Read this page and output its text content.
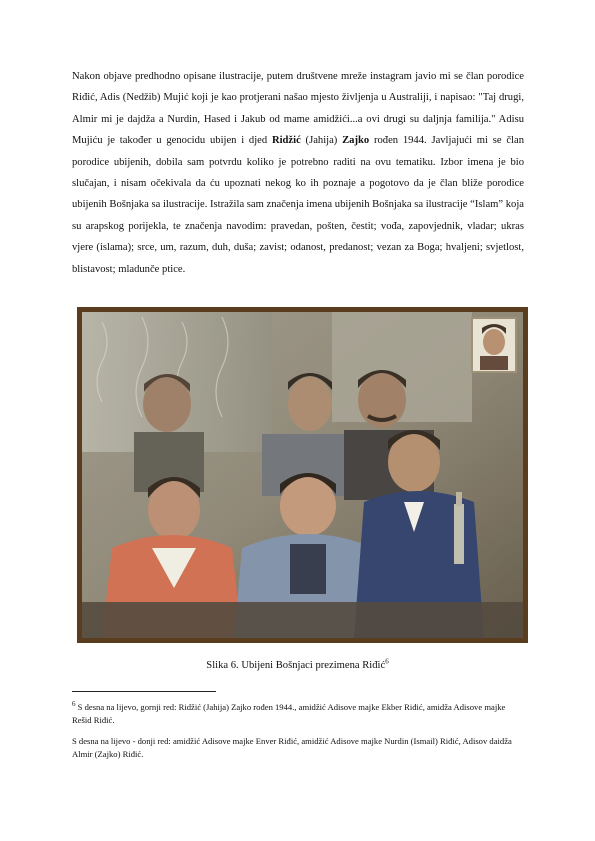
Nakon objave predhodno opisane ilustracije, putem društvene mreže instagram javio mi se član porodice Riđić, Adis (Nedžib) Mujić koji je kao protjerani našao mjesto življenja u Australiji, i napisao: "Taj drugi, Almir mi je dajdža a Nurdin, Hased i Jakub od mame amidžići...a ovi drugi su daljnja familija." Adisu Mujiću je također u genocidu ubijen i djed Ridžić (Jahija) Zajko rođen 1944. Javljajući mi se član porodice ubijenih, dobila sam potvrdu koliko je potrebno raditi na ovu tematiku. Izbor imena je bio slučajan, i nisam očekivala da ću upoznati nekog ko ih poznaje a pogotovo da je član bliže porodice ubijenih Bošnjaka sa ilustracije. Istražila sam značenja imena ubijenih Bošnjaka sa ilustracije “Islam” koja su arapskog porijekla, te značenja navodim: pravedan, pošten, čestit; vođa, zapovjednik, vladar; ukras vjere (islama); srce, um, razum, duh, duša; zavist; odanost, predanost; vezan za Boga; hvaljeni; svjetlost, blistavost; mladunče ptice.

Slika 6. Ubijeni Bošnjaci prezimena Riđić$^6$

$^6$ S desna na lijevo, gornji red: Ridžić (Jahija) Zajko rođen 1944., amidžić Adisove majke Ekber Riđić, amidža Adisove majke Rešid Riđić.

S desna na lijevo - donji red: amidžić Adisove majke Enver Riđić, amidžić Adisove majke Nurdin (Ismail) Riđić, Adisov daidža Almir (Zajko) Riđić.
